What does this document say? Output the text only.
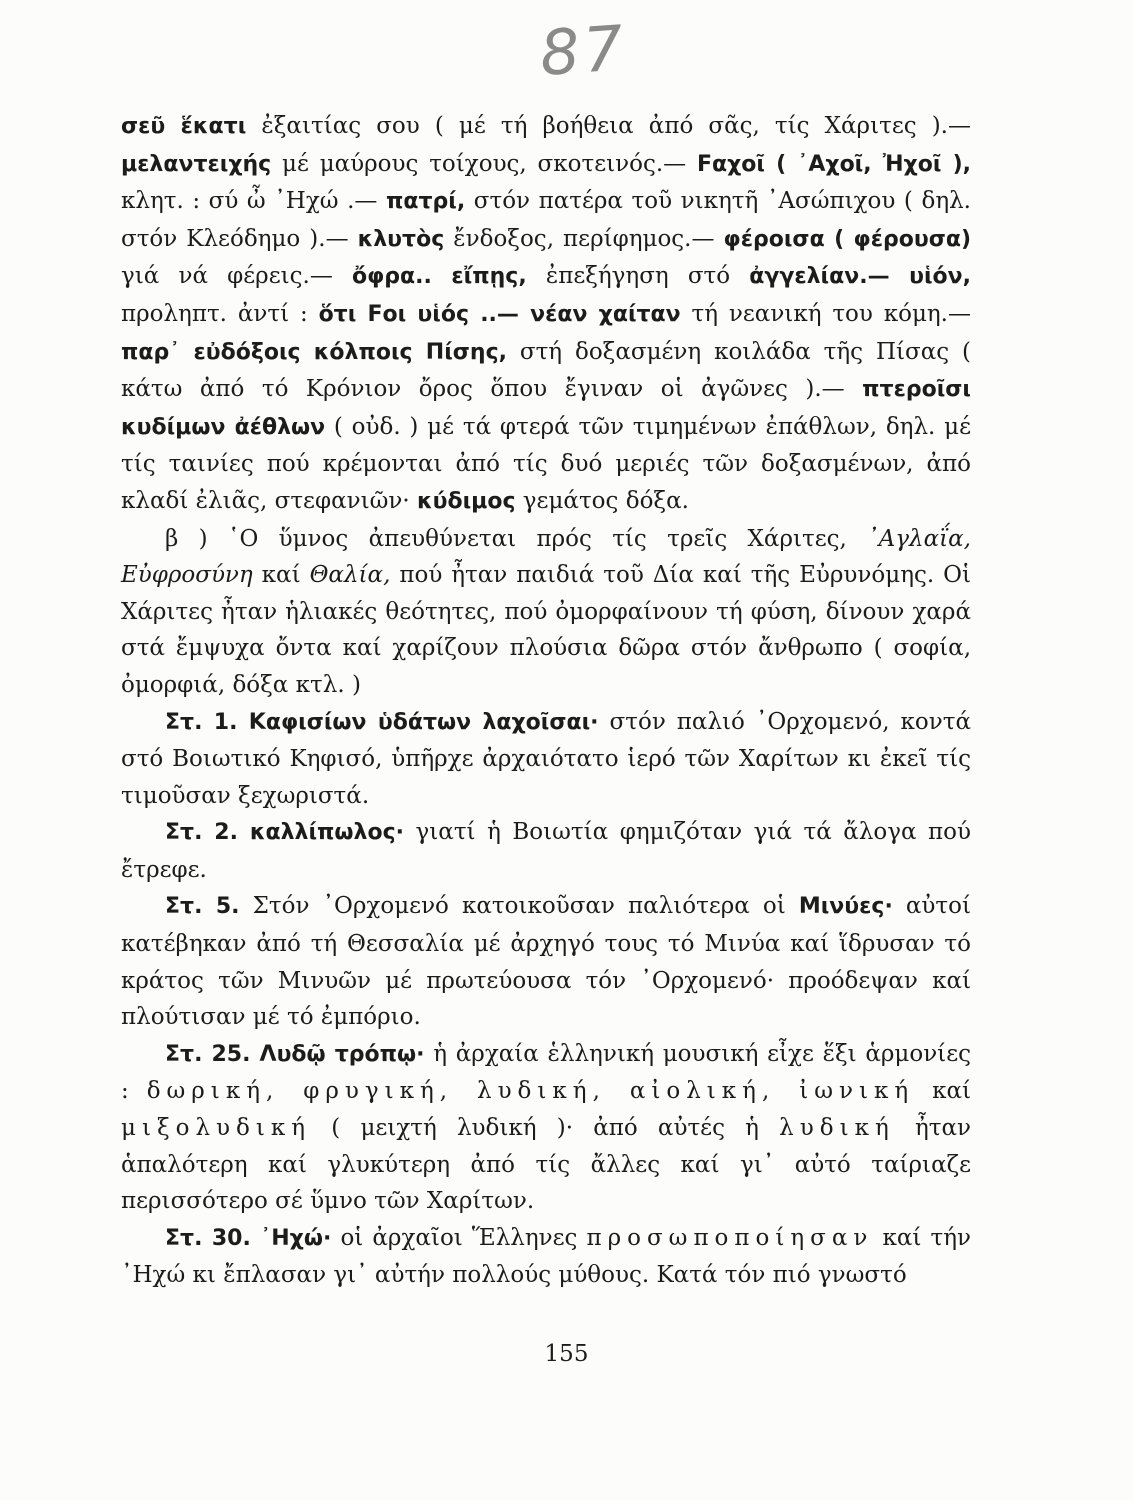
87

σεῦ ἕκατι ἐξαιτίας σου ( μέ τή βοήθεια ἀπό σᾶς, τίς Χάριτες ).— μελαντειχής μέ μαύρους τοίχους, σκοτεινός.— Fαχοῖ ( ᾿Αχοῖ, Ἠχοῖ ), κλητ. : σύ ὦ ᾿Ηχώ .— πατρί, στόν πατέρα τοῦ νικητῆ ᾿Ασώπιχου ( δηλ. στόν Κλεόδημο ).— κλυτὸς ἔνδοξος, περίφημος.— φέροισα ( φέρουσα) γιά νά φέρεις.— ὄφρα.. εἴπῃς, ἐπεξήγηση στό ἀγγελίαν.— υἱόν, προληπτ. ἀντί : ὅτι Fοι υἱός ..— νέαν χαίταν τή νεανική του κόμη.— παρ᾿ εὐδόξοις κόλποις Πίσης, στή δοξασμένη κοιλάδα τῆς Πίσας ( κάτω ἀπό τό Κρόνιον ὄρος ὅπου ἔγιναν οἱ ἀγῶνες ).— πτεροῖσι κυδίμων ἀέθλων ( οὐδ. ) μέ τά φτερά τῶν τιμημένων ἐπάθλων, δηλ. μέ τίς ταινίες πού κρέμονται ἀπό τίς δυό μεριές τῶν δοξασμένων, ἀπό κλαδί ἐλιᾶς, στεφανιῶν· κύδιμος γεμάτος δόξα.

β ) ῾Ο ὕμνος ἀπευθύνεται πρός τίς τρεῖς Χάριτες, ᾿Αγλαΐα, Εὐφροσύνη καί Θαλία, πού ἦταν παιδιά τοῦ Δία καί τῆς Εὐρυνόμης. Οἱ Χάριτες ἦταν ἡλιακές θεότητες, πού ὀμορφαίνουν τή φύση, δίνουν χαρά στά ἔμψυχα ὄντα καί χαρίζουν πλούσια δῶρα στόν ἄνθρωπο ( σοφία, ὀμορφιά, δόξα κτλ. )

Στ. 1. Καφισίων ὑδάτων λαχοῖσαι· στόν παλιό ᾿Ορχομενό, κοντά στό Βοιωτικό Κηφισό, ὑπῆρχε ἀρχαιότατο ἱερό τῶν Χαρίτων κι ἐκεῖ τίς τιμοῦσαν ξεχωριστά.

Στ. 2. καλλίπωλος· γιατί ἡ Βοιωτία φημιζόταν γιά τά ἄλογα πού ἔτρεφε.

Στ. 5. Στόν ᾿Ορχομενό κατοικοῦσαν παλιότερα οἱ Μινύες· αὐτοί κατέβηκαν ἀπό τή Θεσσαλία μέ ἀρχηγό τους τό Μινύα καί ἵδρυσαν τό κράτος τῶν Μινυῶν μέ πρωτεύουσα τόν ᾿Ορχομενό· προόδεψαν καί πλούτισαν μέ τό ἐμπόριο.

Στ. 25. Λυδῷ τρόπῳ· ἡ ἀρχαία ἑλληνική μουσική εἶχε ἕξι ἁρμονίες : δωρική, φρυγική, λυδική, αἰολική, ἰωνική καί μιξολυδική ( μειχτή λυδική )· ἀπό αὐτές ἡ λυδική ἦταν ἁπαλότερη καί γλυκύτερη ἀπό τίς ἄλλες καί γι᾿ αὐτό ταίριαζε περισσότερο σέ ὕμνο τῶν Χαρίτων.

Στ. 30. ᾿Ηχώ· οἱ ἀρχαῖοι Ἕλληνες προσωποποίησαν καί τήν ᾿Ηχώ κι ἔπλασαν γι᾿ αὐτήν πολλούς μύθους. Κατά τόν πιό γνωστό

155
